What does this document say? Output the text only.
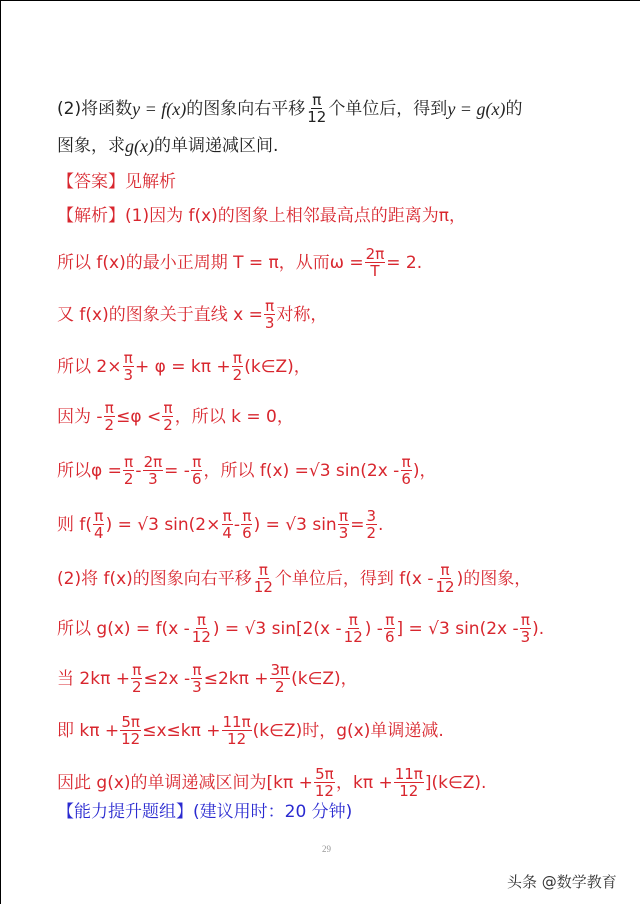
(2)将函数 y = f(x) 的图象向右平移 $\frac{\pi}{12}$ 个单位后，得到 y = g(x) 的
图象，求 g(x) 的单调递减区间.
【答案】见解析
【解析】 (1)因为 f(x)的图象上相邻最高点的距离为π，
所以 f(x)的最小正周期 T = π，从而$\omega = \frac{2\pi}{T} = 2$.
又 f(x)的图象关于直线 $x = \frac{\pi}{3}$ 对称，
所以 $2\times \frac{\pi}{3} + \varphi = k\pi + \frac{\pi}{2}$ (k∈Z)，
因为 - $\frac{\pi}{2} \le\varphi < \frac{\pi}{2}$ ，所以 k = 0，
所以$\varphi = \frac{\pi}{2} - \frac{2\pi}{3}$ = - $\frac{\pi}{6}$ ，所以 f(x) = √3 $\sin(2x - \frac{\pi}{6}$ )，
则 $f( \frac{\pi}{4}$ ) = √3 $\sin(2\times \frac{\pi}{4} - \frac{\pi}{6}$ ) = √3 $\sin \frac{\pi}{3} = \frac{3}{2}$ .
(2)将 f(x)的图象向右平移 $\frac{\pi}{12}$ 个单位后，得到 $f(x - \frac{\pi}{12}$ )的图象，
所以 $g(x) = f(x - \frac{\pi}{12}$ ) = √3 $\sin[2(x - \frac{\pi}{12}$ ) - $\frac{\pi}{6}$ ] = √3 $\sin(2x - \frac{\pi}{3}$ ).
当 $2k\pi + \frac{\pi}{2} \le 2x - \frac{\pi}{3} \le 2k\pi + \frac{3\pi}{2}$ (k∈Z)，
即 $k\pi + \frac{5\pi}{12} \le x\le k\pi + \frac{11\pi}{12}$ (k∈Z)时，g(x)单调递减.
因此 g(x)的单调递减区间为[$k\pi + \frac{5\pi}{12}$ ，$k\pi + \frac{11\pi}{12}$ ](k∈Z).
【能力提升题组】(建议用时：20 分钟)
29
头条 @数学教育
